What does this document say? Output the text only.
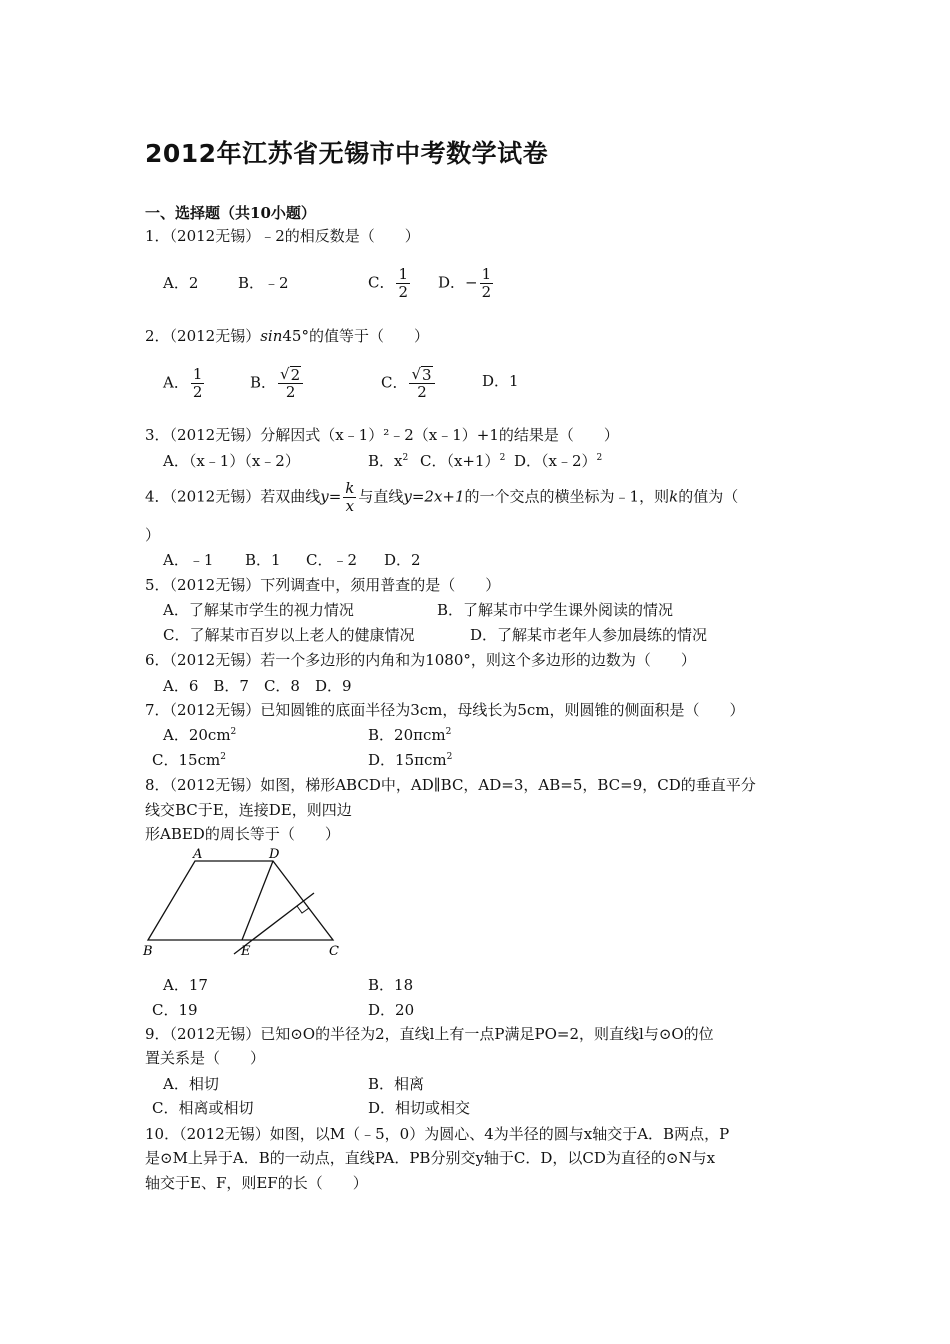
2012年江苏省无锡市中考数学试卷
一、选择题（共10小题）
1．（2012无锡）﹣2的相反数是（　　）
A．2	B．﹣2	C． $\frac{1}{2}$ D．− $\frac{1}{2}$
2．（2012无锡）sin45°的值等于（　　）
A． $\frac{1}{2}$	B． $\frac{√ 2}{2}$	C． $\frac{√ 3}{2}$	D．1
3．（2012无锡）分解因式（x﹣1）²﹣2（x﹣1）+1的结果是（　　）
A．（x﹣1）（x﹣2）	B．$x^2$ C．$(x+1)^2$ D．（x﹣2）$^2$
4．（2012无锡）若双曲线$y= \frac{k}{x}$ 与直线y=2x+1的一个交点的横坐标为﹣1，则k的值为（
）
A．﹣1 B．1 C．﹣2 D．2
5．（2012无锡）下列调查中，须用普查的是（　　）
A．了解某市学生的视力情况	B．了解某市中学生课外阅读的情况
C．了解某市百岁以上老人的健康情况	D．了解某市老年人参加晨练的情况
6．（2012无锡）若一个多边形的内角和为1080°，则这个多边形的边数为（　　）
A．6　B．7　C．8　D．9
7．（2012无锡）已知圆锥的底面半径为3cm，母线长为5cm，则圆锥的侧面积是（　　）
A．$20cm^2$	B．20πcm$^2$
C．$15cm^2$	D．15πcm$^2$
8．（2012无锡）如图，梯形ABCD中，AD∥BC，AD=3，AB=5，BC=9，CD的垂直平分
线交BC于E，连接DE，则四边
形ABED的周长等于（　　）
A	D
B	E	C
A．17	B．18
C．19	D．20
9．（2012无锡）已知⊙O的半径为2，直线l上有一点P满足PO=2，则直线l与⊙O的位
置关系是（　　）
A．相切	B．相离
C．相离或相切	D．相切或相交
10．（2012无锡）如图，以M（﹣5，0）为圆心、4为半径的圆与x轴交于A．B两点，P
是⊙M上异于A．B的一动点，直线PA．PB分别交y轴于C．D，以CD为直径的⊙N与x
轴交于E、F，则EF的长（　　）
